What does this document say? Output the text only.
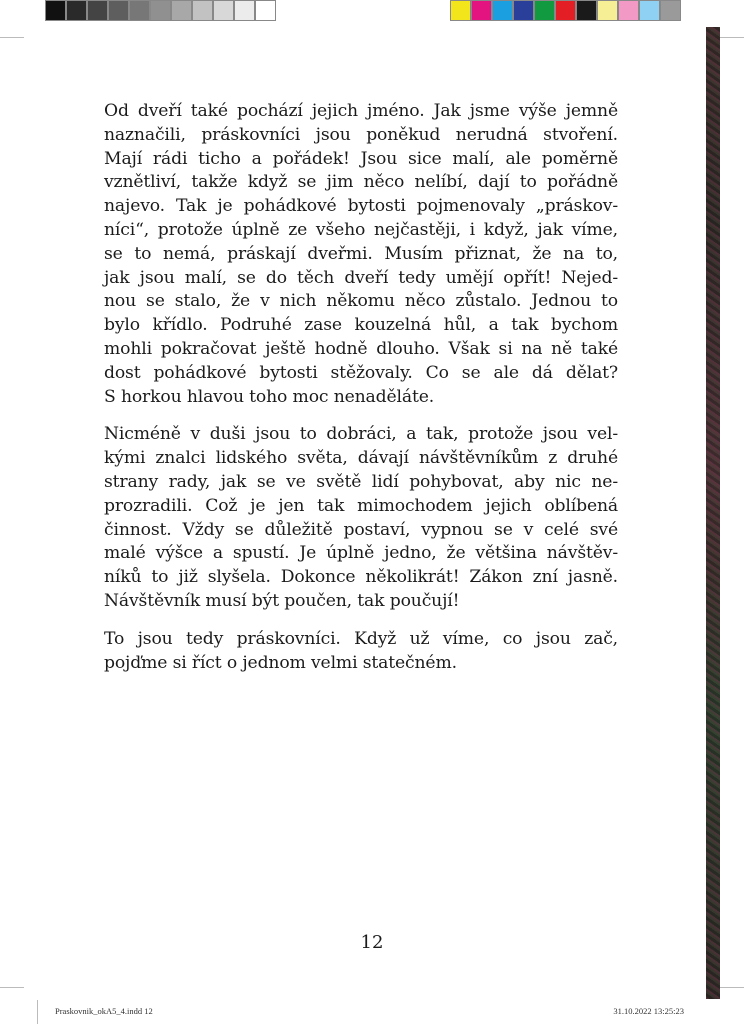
Od dveří také pochází jejich jméno. Jak jsme výše jemně
naznačili, práskovníci jsou poněkud nerudná stvoření.
Mají rádi ticho a pořádek! Jsou sice malí, ale poměrně
vznětliví, takže když se jim něco nelíbí, dají to pořádně
najevo. Tak je pohádkové bytosti pojmenovaly „práskov-
níci“, protože úplně ze všeho nejčastěji, i když, jak víme,
se to nemá, práskají dveřmi. Musím přiznat, že na to,
jak jsou malí, se do těch dveří tedy umějí opřít! Nejed-
nou se stalo, že v nich někomu něco zůstalo. Jednou to
bylo křídlo. Podruhé zase kouzelná hůl, a tak bychom
mohli pokračovat ještě hodně dlouho. Však si na ně také
dost pohádkové bytosti stěžovaly. Co se ale dá dělat?
S horkou hlavou toho moc nenaděláte.

Nicméně v duši jsou to dobráci, a tak, protože jsou vel-
kými znalci lidského světa, dávají návštěvníkům z druhé
strany rady, jak se ve světě lidí pohybovat, aby nic ne-
prozradili. Což je jen tak mimochodem jejich oblíbená
činnost. Vždy se důležitě postaví, vypnou se v celé své
malé výšce a spustí. Je úplně jedno, že většina návštěv-
níků to již slyšela. Dokonce několikrát! Zákon zní jasně.
Návštěvník musí být poučen, tak poučují!

To jsou tedy práskovníci. Když už víme, co jsou zač,
pojďme si říct o jednom velmi statečném.

12
Praskovnik_okA5_4.indd 12	31.10.2022 13:25:23
